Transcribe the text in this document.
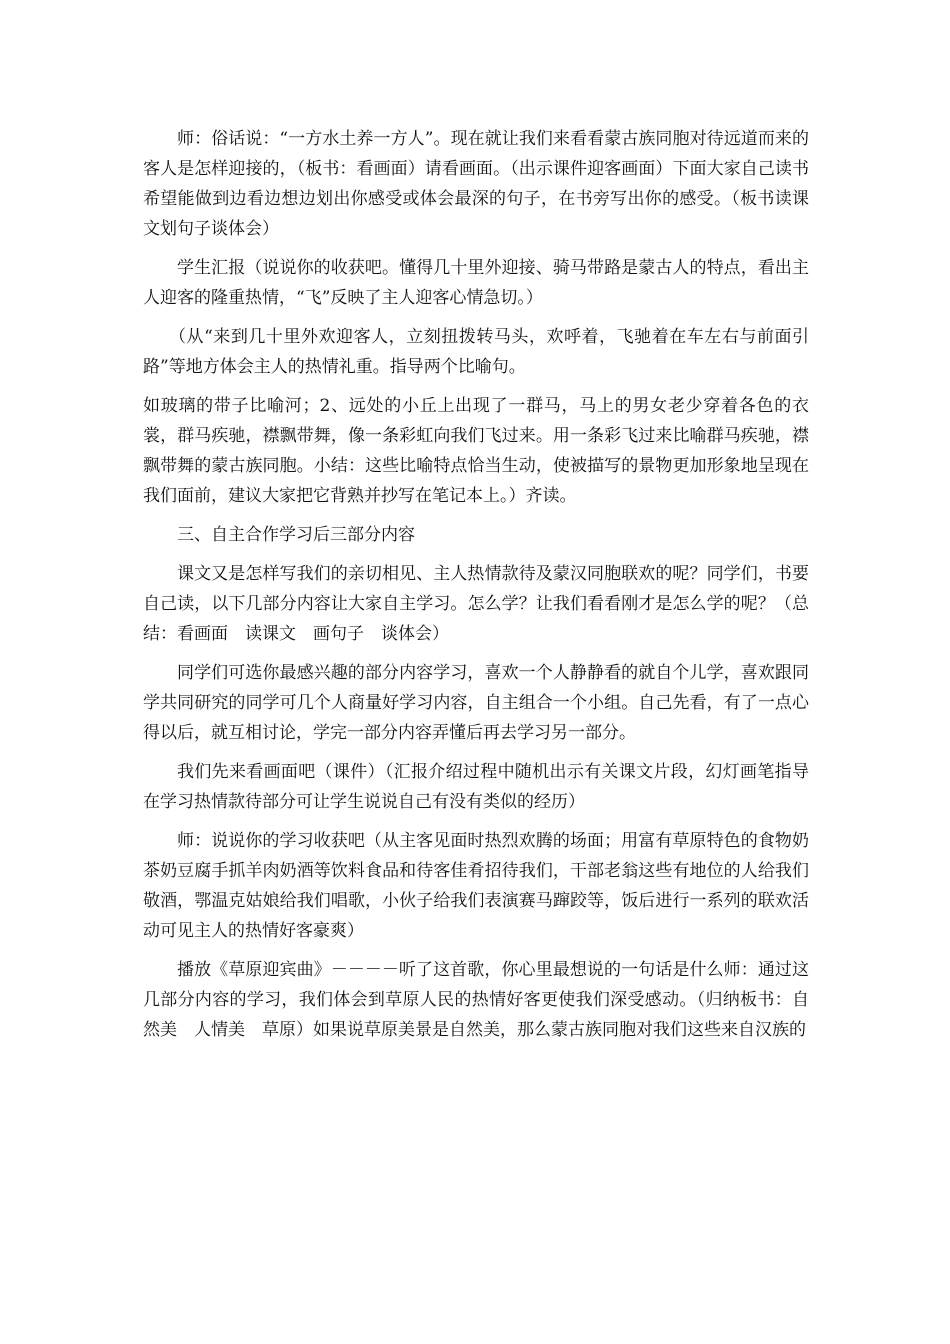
师：俗话说：“一方水土养一方人”。现在就让我们来看看蒙古族同胞对待远道而来的客人是怎样迎接的，（板书：看画面）请看画面。（出示课件迎客画面）下面大家自己读书希望能做到边看边想边划出你感受或体会最深的句子，在书旁写出你的感受。（板书读课文划句子谈体会）

学生汇报（说说你的收获吧。懂得几十里外迎接、骑马带路是蒙古人的特点，看出主人迎客的隆重热情，“飞”反映了主人迎客心情急切。）

（从“来到几十里外欢迎客人，立刻扭拨转马头，欢呼着，飞驰着在车左右与前面引路”等地方体会主人的热情礼重。指导两个比喻句。

如玻璃的带子比喻河；2、远处的小丘上出现了一群马，马上的男女老少穿着各色的衣裳，群马疾驰，襟飘带舞，像一条彩虹向我们飞过来。用一条彩飞过来比喻群马疾驰，襟飘带舞的蒙古族同胞。小结：这些比喻特点恰当生动，使被描写的景物更加形象地呈现在我们面前，建议大家把它背熟并抄写在笔记本上。）齐读。

三、自主合作学习后三部分内容

课文又是怎样写我们的亲切相见、主人热情款待及蒙汉同胞联欢的呢？同学们，书要自己读，以下几部分内容让大家自主学习。怎么学？让我们看看刚才是怎么学的呢？（总结：看画面　读课文　画句子　谈体会）

同学们可选你最感兴趣的部分内容学习，喜欢一个人静静看的就自个儿学，喜欢跟同学共同研究的同学可几个人商量好学习内容，自主组合一个小组。自己先看，有了一点心得以后，就互相讨论，学完一部分内容弄懂后再去学习另一部分。

我们先来看画面吧（课件）（汇报介绍过程中随机出示有关课文片段，幻灯画笔指导在学习热情款待部分可让学生说说自己有没有类似的经历）

师：说说你的学习收获吧（从主客见面时热烈欢腾的场面；用富有草原特色的食物奶茶奶豆腐手抓羊肉奶酒等饮料食品和待客佳肴招待我们，干部老翁这些有地位的人给我们敬酒，鄂温克姑娘给我们唱歌，小伙子给我们表演赛马蹿跤等，饭后进行一系列的联欢活动可见主人的热情好客豪爽）

播放《草原迎宾曲》－－－－听了这首歌，你心里最想说的一句话是什么师：通过这几部分内容的学习，我们体会到草原人民的热情好客更使我们深受感动。（归纳板书：自然美　人情美　草原）如果说草原美景是自然美，那么蒙古族同胞对我们这些来自汉族的
